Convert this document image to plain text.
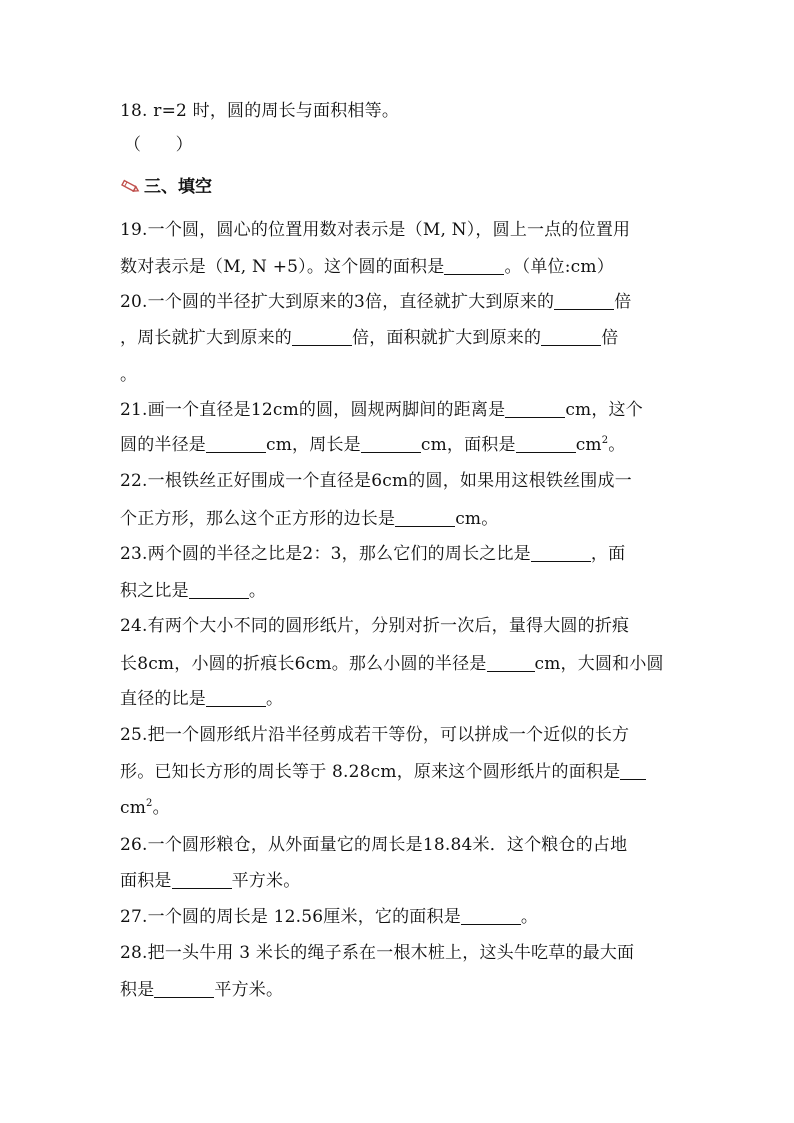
18. r=2 时，圆的周长与面积相等。
（　　）
三、填空
19.一个圆，圆心的位置用数对表示是（M, N），圆上一点的位置用
数对表示是（M, N +5）。这个圆的面积是	。（单位:cm）
20.一个圆的半径扩大到原来的3倍，直径就扩大到原来的	倍
，周长就扩大到原来的	倍，面积就扩大到原来的	倍
。
21.画一个直径是12cm的圆，圆规两脚间的距离是	cm，这个
圆的半径是	cm，周长是	cm，面积是	$cm^2$。
22.一根铁丝正好围成一个直径是6cm的圆，如果用这根铁丝围成一
个正方形，那么这个正方形的边长是	cm。
23.两个圆的半径之比是2：3，那么它们的周长之比是	，面
积之比是	。
24.有两个大小不同的圆形纸片，分别对折一次后，量得大圆的折痕
长8cm，小圆的折痕长6cm。那么小圆的半径是	cm，大圆和小圆
直径的比是	。
25.把一个圆形纸片沿半径剪成若干等份，可以拼成一个近似的长方
形。已知长方形的周长等于 8.28cm，原来这个圆形纸片的面积是
$cm^2$。
26.一个圆形粮仓，从外面量它的周长是18.84米．这个粮仓的占地
面积是	平方米。
27.一个圆的周长是 12.56厘米，它的面积是	。
28.把一头牛用 3 米长的绳子系在一根木桩上，这头牛吃草的最大面
积是	平方米。
